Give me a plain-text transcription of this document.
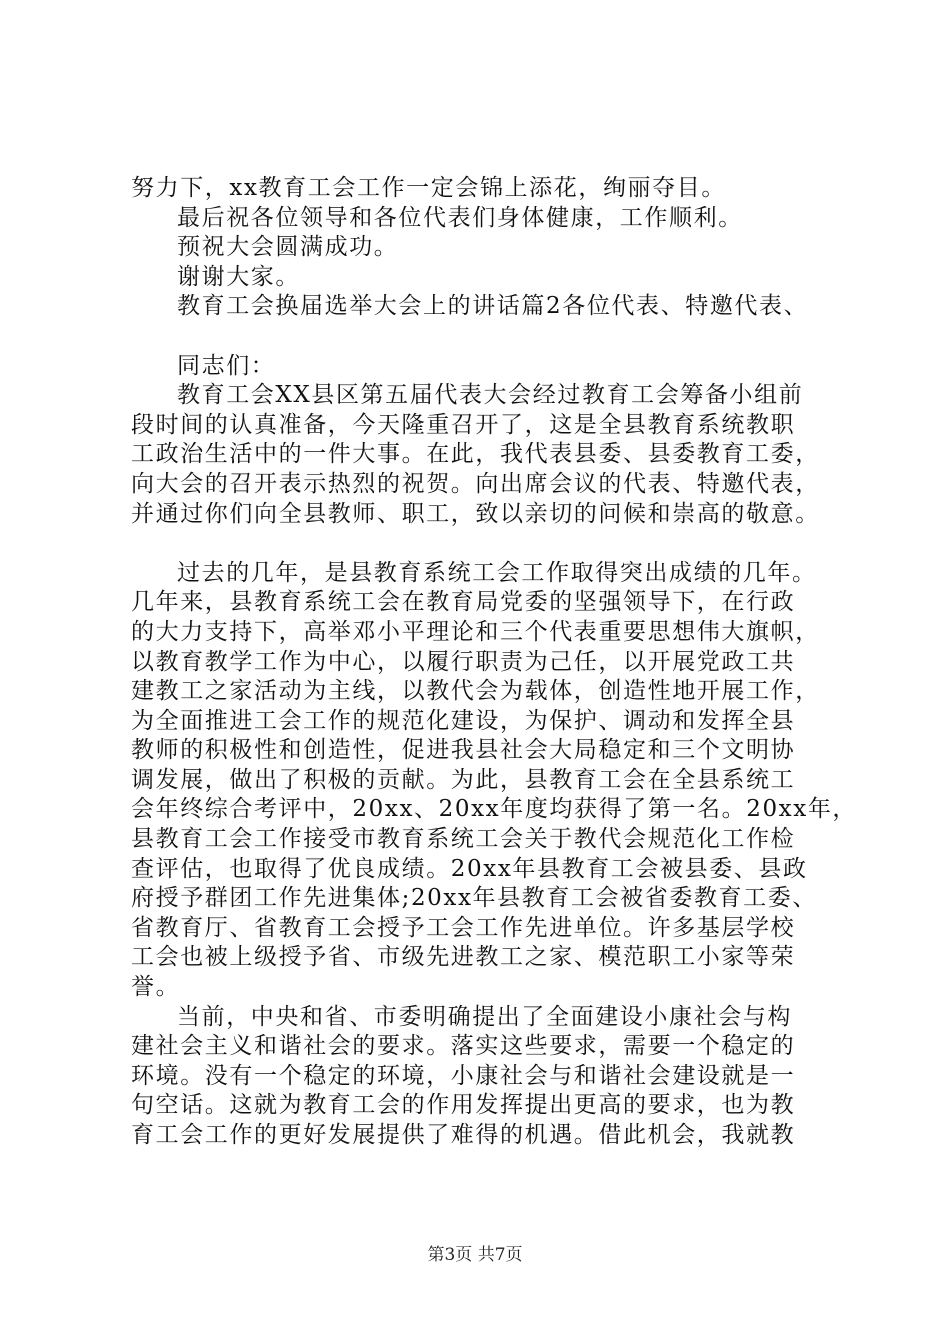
努力下，xx教育工会工作一定会锦上添花，绚丽夺目。
最后祝各位领导和各位代表们身体健康，工作顺利。
预祝大会圆满成功。
谢谢大家。
教育工会换届选举大会上的讲话篇2各位代表、特邀代表、
同志们：
教育工会XX县区第五届代表大会经过教育工会筹备小组前
段时间的认真准备，今天隆重召开了，这是全县教育系统教职
工政治生活中的一件大事。在此，我代表县委、县委教育工委，
向大会的召开表示热烈的祝贺。向出席会议的代表、特邀代表，
并通过你们向全县教师、职工，致以亲切的问候和崇高的敬意。
过去的几年，是县教育系统工会工作取得突出成绩的几年。
几年来，县教育系统工会在教育局党委的坚强领导下，在行政
的大力支持下，高举邓小平理论和三个代表重要思想伟大旗帜，
以教育教学工作为中心，以履行职责为己任，以开展党政工共
建教工之家活动为主线，以教代会为载体，创造性地开展工作，
为全面推进工会工作的规范化建设，为保护、调动和发挥全县
教师的积极性和创造性，促进我县社会大局稳定和三个文明协
调发展，做出了积极的贡献。为此，县教育工会在全县系统工
会年终综合考评中，20xx、20xx年度均获得了第一名。20xx年，
县教育工会工作接受市教育系统工会关于教代会规范化工作检
查评估，也取得了优良成绩。20xx年县教育工会被县委、县政
府授予群团工作先进集体;20xx年县教育工会被省委教育工委、
省教育厅、省教育工会授予工会工作先进单位。许多基层学校
工会也被上级授予省、市级先进教工之家、模范职工小家等荣
誉。
当前，中央和省、市委明确提出了全面建设小康社会与构
建社会主义和谐社会的要求。落实这些要求，需要一个稳定的
环境。没有一个稳定的环境，小康社会与和谐社会建设就是一
句空话。这就为教育工会的作用发挥提出更高的要求，也为教
育工会工作的更好发展提供了难得的机遇。借此机会，我就教
第3页 共7页
